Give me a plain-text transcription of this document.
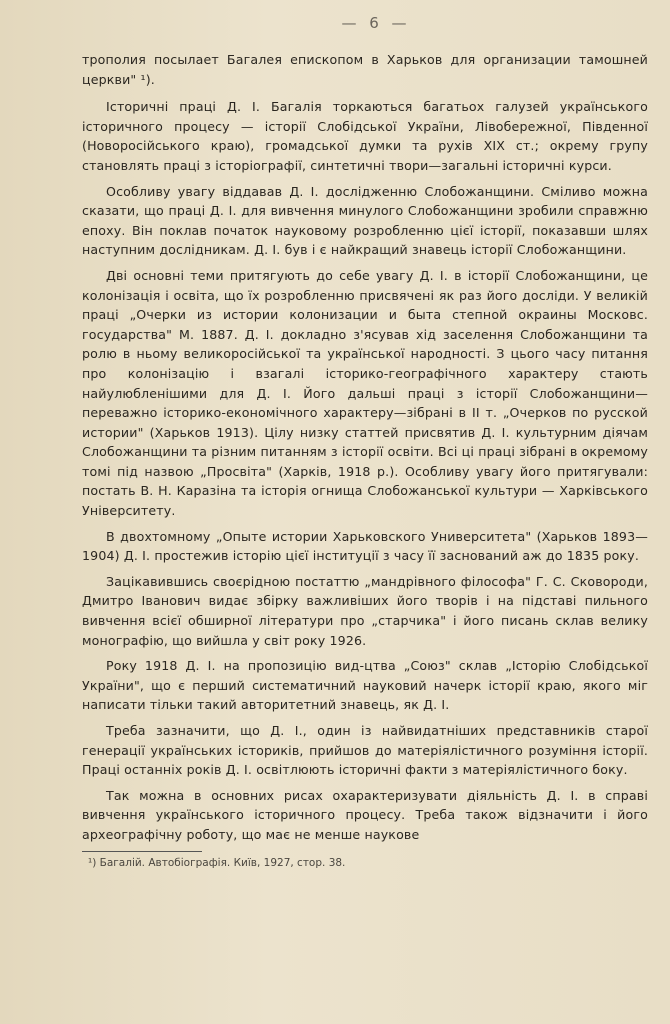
— 6 —

трополия посылает Багалея епископом в Харьков для организации тамошней церкви" ¹).

Історичні праці Д. І. Багалія торкаються багатьох галузей українського історичного процесу — історії Слобідської України, Лівобережної, Південної (Новоросійського краю), громадської думки та рухів XIX ст.; окрему групу становлять праці з історіографії, синтетичні твори—загальні історичні курси.

Особливу увагу віддавав Д. І. дослідженню Слобожанщини. Сміливо можна сказати, що праці Д. І. для вивчення минулого Слобожанщини зробили справжню епоху. Він поклав початок науковому розробленню цієї історії, показавши шлях наступним дослідникам. Д. І. був і є найкращий знавець історії Слобожанщини.

Дві основні теми притягують до себе увагу Д. І. в історії Слобожанщини, це колонізація і освіта, що їх розробленню присвячені як раз його досліди. У великій праці „Очерки из истории колонизации и быта степной окраины Московс. государства" М. 1887. Д. І. докладно з'ясував хід заселення Слобожанщини та ролю в ньому великоросійської та української народності. З цього часу питання про колонізацію і взагалі історико-географічного характеру стають найулюбленішими для Д. І. Його дальші праці з історії Слобожанщини—переважно історико-економічного характеру—зібрані в II т. „Очерков по русской истории" (Харьков 1913). Цілу низку статтей присвятив Д. І. культурним діячам Слобожанщини та різним питанням з історії освіти. Всі ці праці зібрані в окремому томі під назвою „Просвіта" (Харків, 1918 р.). Особливу увагу його притягували: постать В. Н. Каразіна та історія огнища Слобожанської культури — Харківського Університету.

В двохтомному „Опыте истории Харьковского Университета" (Харьков 1893—1904) Д. І. простежив історію цієї інституції з часу її заснований аж до 1835 року.

Зацікавившись своєрідною постаттю „мандрівного філософа" Г. С. Сковороди, Дмитро Іванович видає збірку важливіших його творів і на підставі пильного вивчення всієї обширної літератури про „старчика" і його писань склав велику монографію, що вийшла у світ року 1926.

Року 1918 Д. І. на пропозицію вид-цтва „Союз" склав „Історію Слобідської України", що є перший систематичний науковий начерк історії краю, якого міг написати тільки такий авторитетний знавець, як Д. І.

Треба зазначити, що Д. І., один із найвидатніших представників старої генерації українських істориків, прийшов до матеріялістичного розуміння історії. Праці останніх років Д. І. освітлюють історичні факти з матеріялістичного боку.

Так можна в основних рисах охарактеризувати діяльність Д. І. в справі вивчення українського історичного процесу. Треба також відзначити і його археографічну роботу, що має не менше наукове

¹) Багалій. Автобіографія. Київ, 1927, стор. 38.
